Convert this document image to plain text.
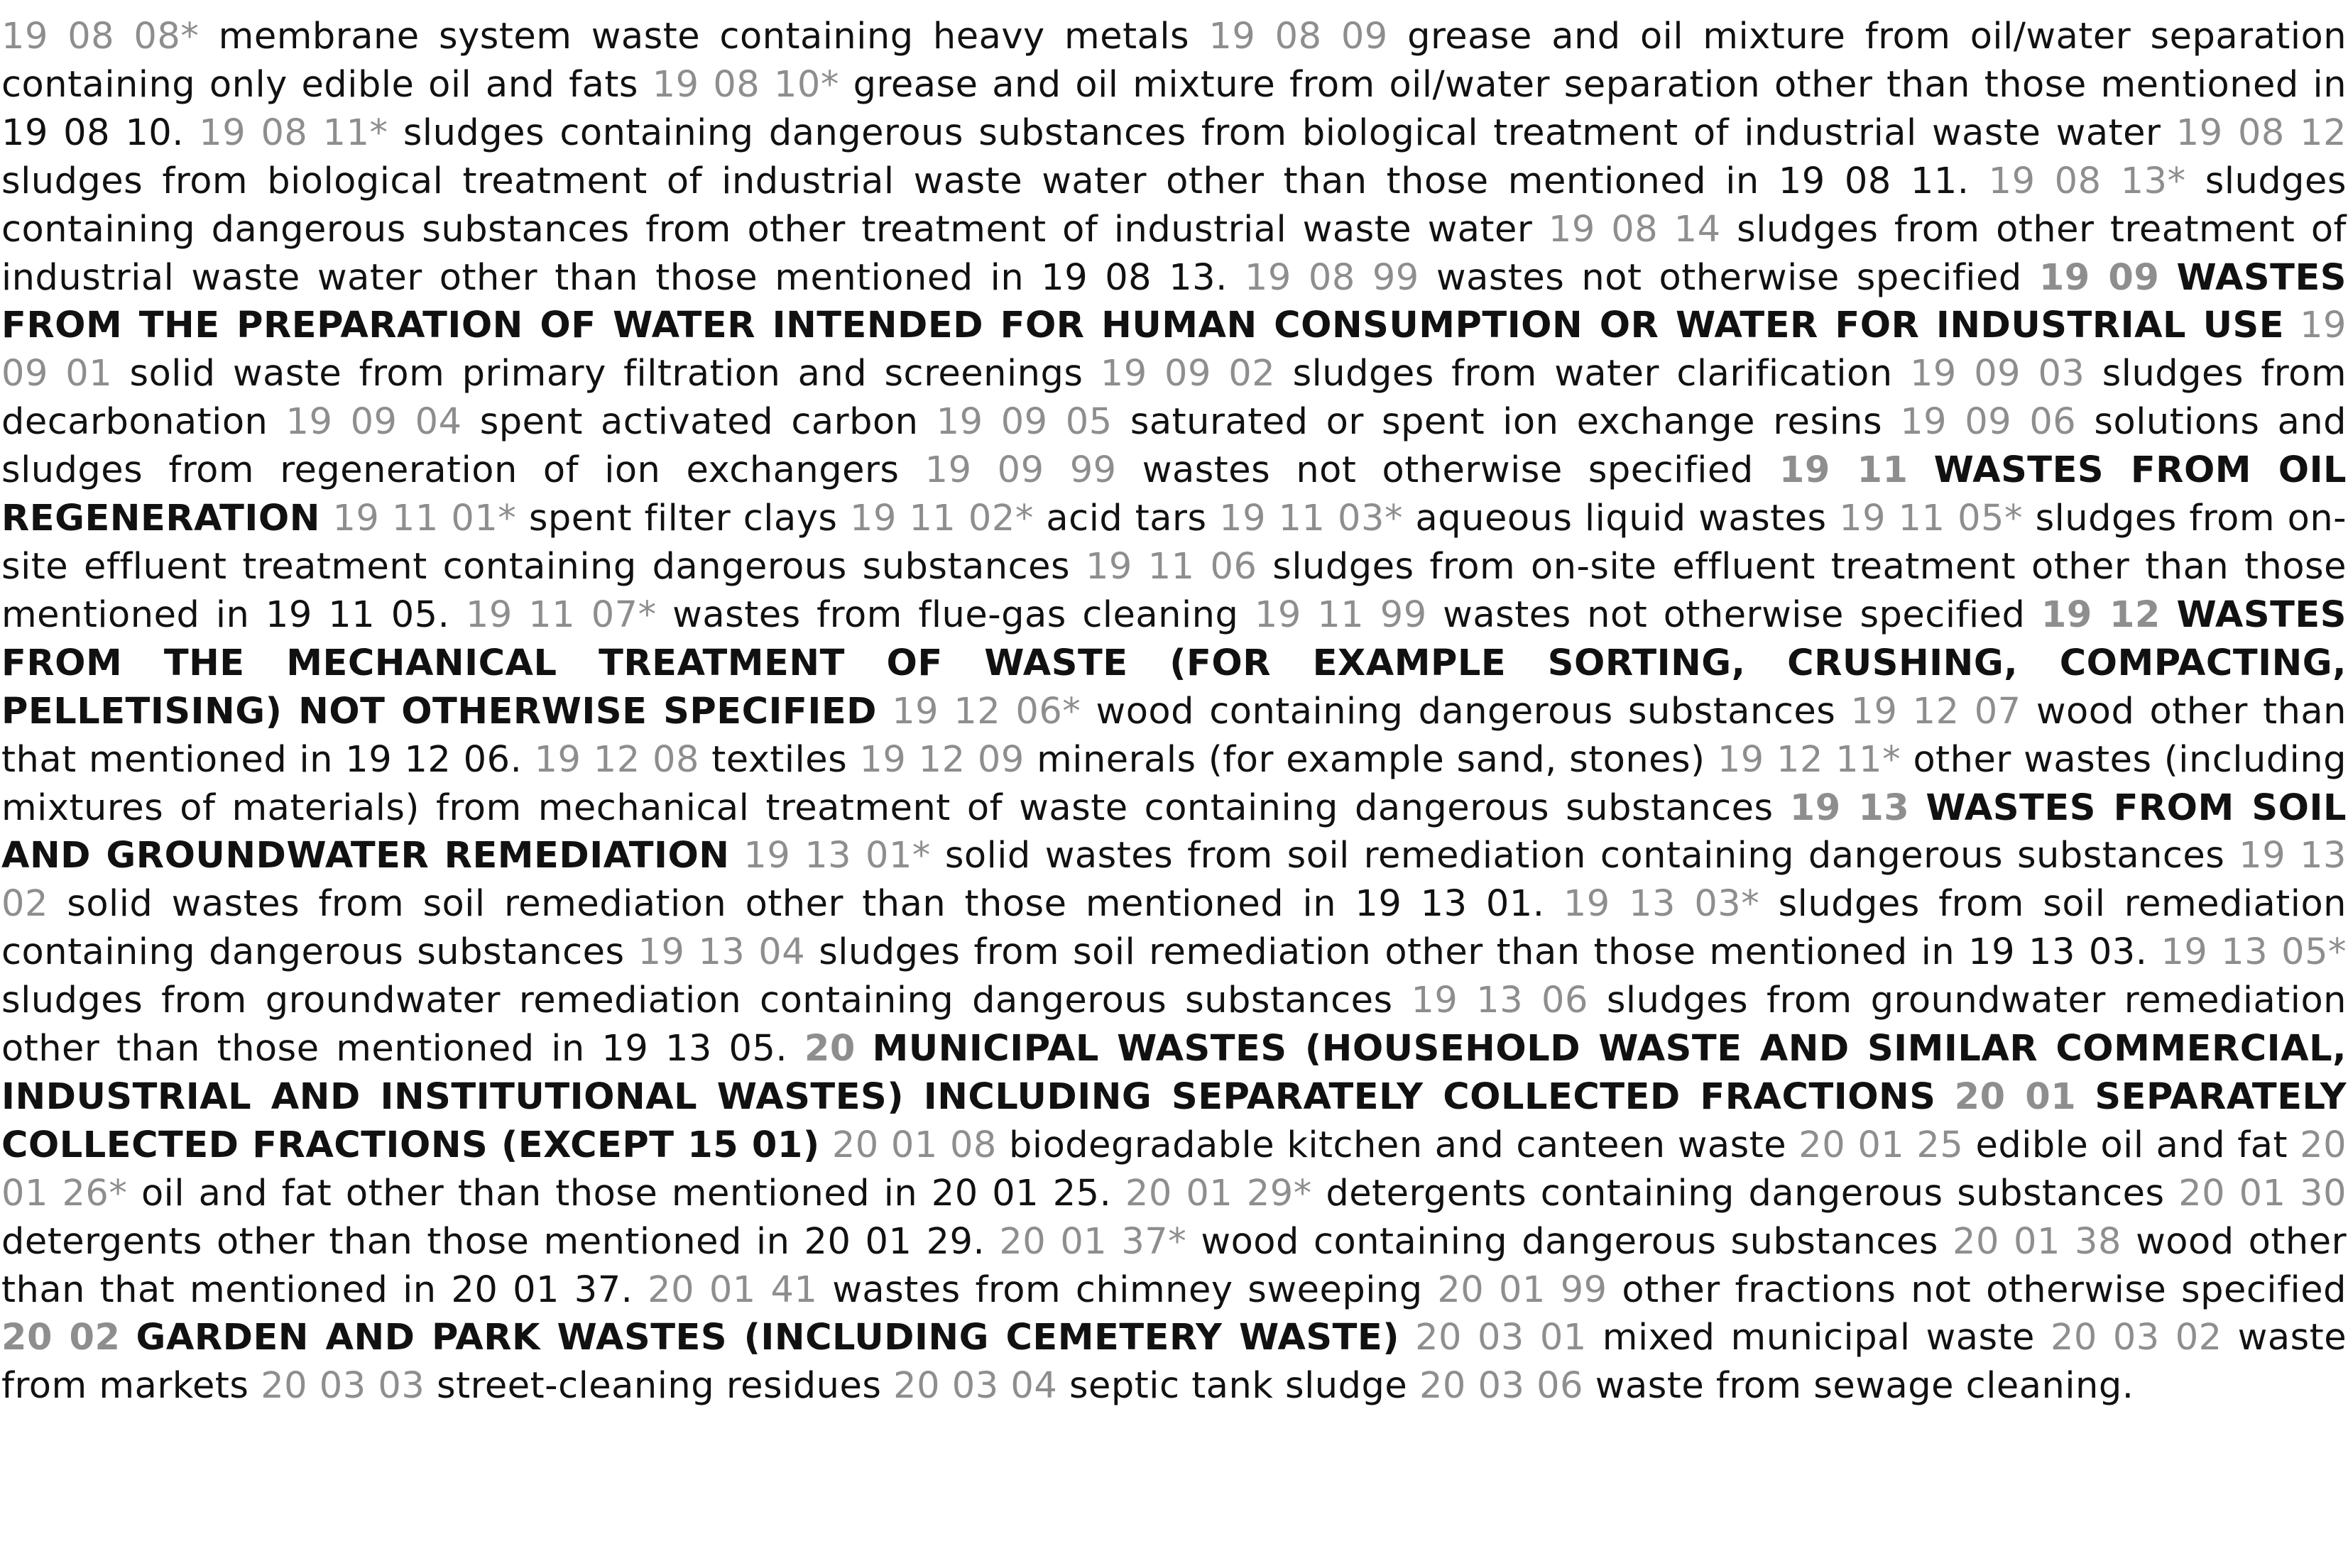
19 08 08* membrane system waste containing heavy metals 19 08 09 grease and oil mixture from oil/water separation containing only edible oil and fats 19 08 10* grease and oil mixture from oil/water separation other than those mentioned in 19 08 10. 19 08 11* sludges containing dangerous substances from biological treatment of industrial waste water 19 08 12 sludges from biological treatment of industrial waste water other than those mentioned in 19 08 11. 19 08 13* sludges containing dangerous substances from other treatment of industrial waste water 19 08 14 sludges from other treatment of industrial waste water other than those mentioned in 19 08 13. 19 08 99 wastes not otherwise specified 19 09 WASTES FROM THE PREPARATION OF WATER INTENDED FOR HUMAN CONSUMPTION OR WATER FOR INDUSTRIAL USE 19 09 01 solid waste from primary filtration and screenings 19 09 02 sludges from water clarification 19 09 03 sludges from decarbonation 19 09 04 spent activated carbon 19 09 05 saturated or spent ion exchange resins 19 09 06 solutions and sludges from regeneration of ion exchangers 19 09 99 wastes not otherwise specified 19 11 WASTES FROM OIL REGENERATION 19 11 01* spent filter clays 19 11 02* acid tars 19 11 03* aqueous liquid wastes 19 11 05* sludges from on-site effluent treatment containing dangerous substances 19 11 06 sludges from on-site effluent treatment other than those mentioned in 19 11 05. 19 11 07* wastes from flue-gas cleaning 19 11 99 wastes not otherwise specified 19 12 WASTES FROM THE MECHANICAL TREATMENT OF WASTE (FOR EXAMPLE SORTING, CRUSHING, COMPACTING, PELLETISING) NOT OTHERWISE SPECIFIED 19 12 06* wood containing dangerous substances 19 12 07 wood other than that mentioned in 19 12 06. 19 12 08 textiles 19 12 09 minerals (for example sand, stones) 19 12 11* other wastes (including mixtures of materials) from mechanical treatment of waste containing dangerous substances 19 13 WASTES FROM SOIL AND GROUNDWATER REMEDIATION 19 13 01* solid wastes from soil remediation containing dangerous substances 19 13 02 solid wastes from soil remediation other than those mentioned in 19 13 01. 19 13 03* sludges from soil remediation containing dangerous substances 19 13 04 sludges from soil remediation other than those mentioned in 19 13 03. 19 13 05* sludges from groundwater remediation containing dangerous substances 19 13 06 sludges from groundwater remediation other than those mentioned in 19 13 05. 20 MUNICIPAL WASTES (HOUSEHOLD WASTE AND SIMILAR COMMERCIAL, INDUSTRIAL AND INSTITUTIONAL WASTES) INCLUDING SEPARATELY COLLECTED FRACTIONS 20 01 SEPARATELY COLLECTED FRACTIONS (EXCEPT 15 01) 20 01 08 biodegradable kitchen and canteen waste 20 01 25 edible oil and fat 20 01 26* oil and fat other than those mentioned in 20 01 25. 20 01 29* detergents containing dangerous substances 20 01 30 detergents other than those mentioned in 20 01 29. 20 01 37* wood containing dangerous substances 20 01 38 wood other than that mentioned in 20 01 37. 20 01 41 wastes from chimney sweeping 20 01 99 other fractions not otherwise specified 20 02 GARDEN AND PARK WASTES (INCLUDING CEMETERY WASTE) 20 03 01 mixed municipal waste 20 03 02 waste from markets 20 03 03 street-cleaning residues 20 03 04 septic tank sludge 20 03 06 waste from sewage cleaning.
